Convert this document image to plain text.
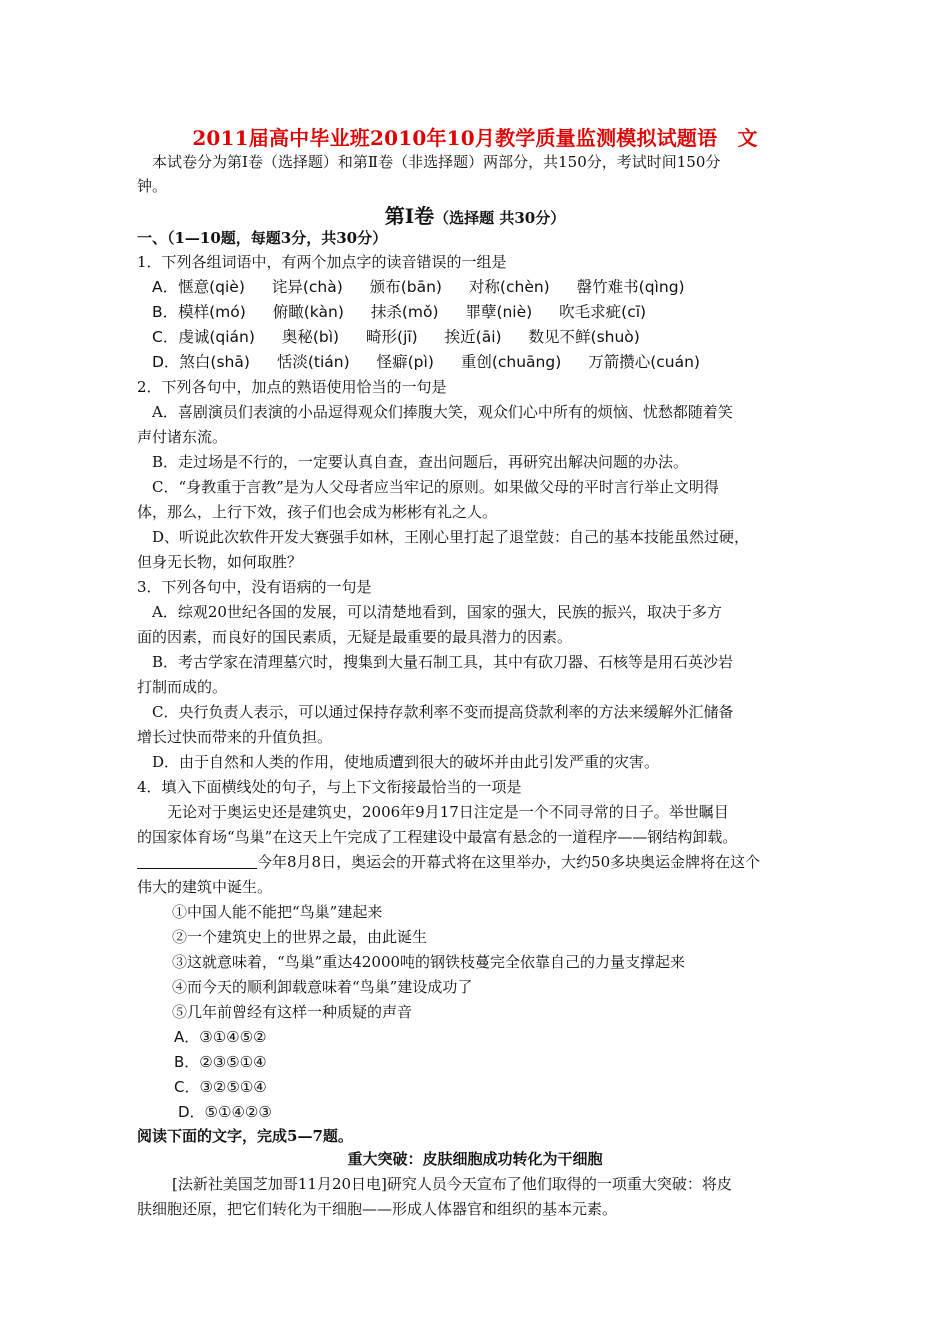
2011届高中毕业班2010年10月教学质量监测模拟试题语　文
　本试卷分为第Ⅰ卷（选择题）和第Ⅱ卷（非选择题）两部分，共150分，考试时间150分
钟。
第Ⅰ卷（选择题 共30分）
一、（1—10题，每题3分，共30分）
1．下列各组词语中，有两个加点字的读音错误的一组是
A．惬意(qiè) 诧异(chà) 颁布(bān) 对称(chèn) 罄竹难书(qìng)
B．模样(mó) 俯瞰(kàn) 抹杀(mǒ) 罪孽(niè) 吹毛求疵(cī)
C．虔诚(qián) 奥秘(bì) 畸形(jī) 挨近(āi) 数见不鲜(shuò)
D．煞白(shā) 恬淡(tián) 怪癖(pì) 重创(chuāng) 万箭攒心(cuán)
2．下列各句中，加点的熟语使用恰当的一句是
　A．喜剧演员们表演的小品逗得观众们捧腹大笑，观众们心中所有的烦恼、忧愁都随着笑
声付诸东流。
　B．走过场是不行的，一定要认真自查，查出问题后，再研究出解决问题的办法。
　C．“身教重于言教”是为人父母者应当牢记的原则。如果做父母的平时言行举止文明得
体，那么，上行下效，孩子们也会成为彬彬有礼之人。
　D、听说此次软件开发大赛强手如林，王刚心里打起了退堂鼓：自己的基本技能虽然过硬，
但身无长物，如何取胜？
3．下列各句中，没有语病的一句是
　A．综观20世纪各国的发展，可以清楚地看到，国家的强大，民族的振兴，取决于多方
面的因素，而良好的国民素质，无疑是最重要的最具潜力的因素。
　B．考古学家在清理墓穴时，搜集到大量石制工具，其中有砍刀器、石核等是用石英沙岩
打制而成的。
　C．央行负责人表示，可以通过保持存款利率不变而提高贷款利率的方法来缓解外汇储备
增长过快而带来的升值负担。
　D．由于自然和人类的作用，使地质遭到很大的破坏并由此引发严重的灾害。
4．填入下面横线处的句子，与上下文衔接最恰当的一项是
　　无论对于奥运史还是建筑史，2006年9月17日注定是一个不同寻常的日子。举世瞩目
的国家体育场“鸟巢”在这天上午完成了工程建设中最富有悬念的一道程序——钢结构卸载。
今年8月8日，奥运会的开幕式将在这里举办，大约50多块奥运金牌将在这个
伟大的建筑中诞生。
①中国人能不能把“鸟巢”建起来
②一个建筑史上的世界之最，由此诞生
③这就意味着，“鸟巢”重达42000吨的钢铁枝蔓完全依靠自己的力量支撑起来
④而今天的顺利卸载意味着“鸟巢”建设成功了
⑤几年前曾经有这样一种质疑的声音
A．③①④⑤②
B．②③⑤①④
C．③②⑤①④
D．⑤①④②③
阅读下面的文字，完成5—7题。
重大突破：皮肤细胞成功转化为干细胞
[法新社美国芝加哥11月20日电]研究人员今天宣布了他们取得的一项重大突破：将皮
肤细胞还原，把它们转化为干细胞——形成人体器官和组织的基本元素。
